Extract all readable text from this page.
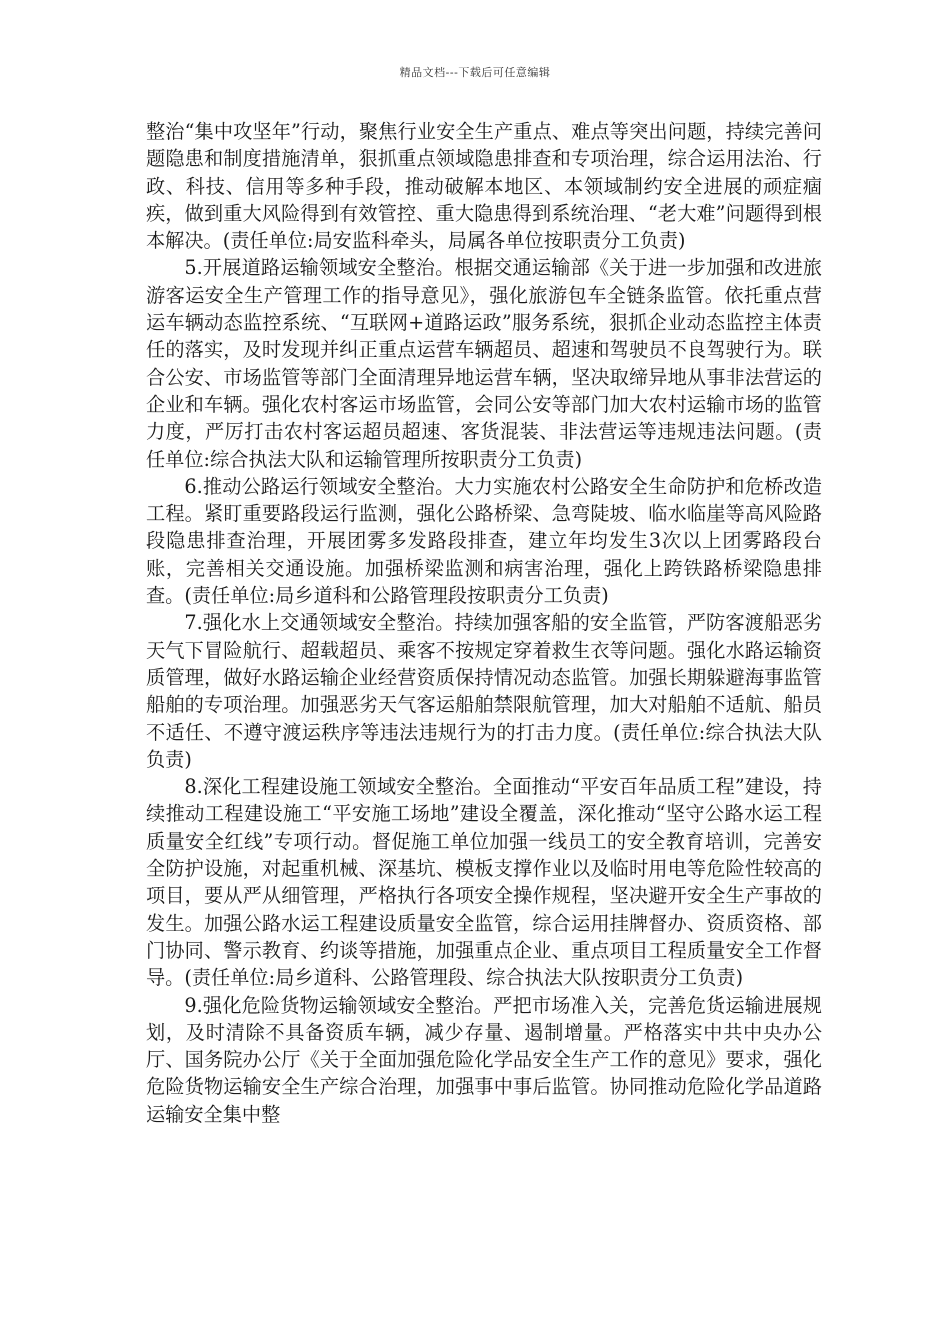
精品文档---下载后可任意编辑

整治“集中攻坚年”行动，聚焦行业安全生产重点、难点等突出问题，持续完善问题隐患和制度措施清单，狠抓重点领域隐患排查和专项治理，综合运用法治、行政、科技、信用等多种手段，推动破解本地区、本领域制约安全进展的顽症痼疾，做到重大风险得到有效管控、重大隐患得到系统治理、“老大难”问题得到根本解决。(责任单位:局安监科牵头，局属各单位按职责分工负责)

5.开展道路运输领域安全整治。根据交通运输部《关于进一步加强和改进旅游客运安全生产管理工作的指导意见》，强化旅游包车全链条监管。依托重点营运车辆动态监控系统、“互联网+道路运政”服务系统，狠抓企业动态监控主体责任的落实，及时发现并纠正重点运营车辆超员、超速和驾驶员不良驾驶行为。联合公安、市场监管等部门全面清理异地运营车辆，坚决取缔异地从事非法营运的企业和车辆。强化农村客运市场监管，会同公安等部门加大农村运输市场的监管力度，严厉打击农村客运超员超速、客货混装、非法营运等违规违法问题。(责任单位:综合执法大队和运输管理所按职责分工负责)

6.推动公路运行领域安全整治。大力实施农村公路安全生命防护和危桥改造工程。紧盯重要路段运行监测，强化公路桥梁、急弯陡坡、临水临崖等高风险路段隐患排查治理，开展团雾多发路段排查，建立年均发生3次以上团雾路段台账，完善相关交通设施。加强桥梁监测和病害治理，强化上跨铁路桥梁隐患排查。(责任单位:局乡道科和公路管理段按职责分工负责)

7.强化水上交通领域安全整治。持续加强客船的安全监管，严防客渡船恶劣天气下冒险航行、超载超员、乘客不按规定穿着救生衣等问题。强化水路运输资质管理，做好水路运输企业经营资质保持情况动态监管。加强长期躲避海事监管船舶的专项治理。加强恶劣天气客运船舶禁限航管理，加大对船舶不适航、船员不适任、不遵守渡运秩序等违法违规行为的打击力度。(责任单位:综合执法大队负责)

8.深化工程建设施工领域安全整治。全面推动“平安百年品质工程”建设，持续推动工程建设施工“平安施工场地”建设全覆盖，深化推动“坚守公路水运工程质量安全红线”专项行动。督促施工单位加强一线员工的安全教育培训，完善安全防护设施，对起重机械、深基坑、模板支撑作业以及临时用电等危险性较高的项目，要从严从细管理，严格执行各项安全操作规程，坚决避开安全生产事故的发生。加强公路水运工程建设质量安全监管，综合运用挂牌督办、资质资格、部门协同、警示教育、约谈等措施，加强重点企业、重点项目工程质量安全工作督导。(责任单位:局乡道科、公路管理段、综合执法大队按职责分工负责)

9.强化危险货物运输领域安全整治。严把市场准入关，完善危货运输进展规划，及时清除不具备资质车辆，减少存量、遏制增量。严格落实中共中央办公厅、国务院办公厅《关于全面加强危险化学品安全生产工作的意见》要求，强化危险货物运输安全生产综合治理，加强事中事后监管。协同推动危险化学品道路运输安全集中整
